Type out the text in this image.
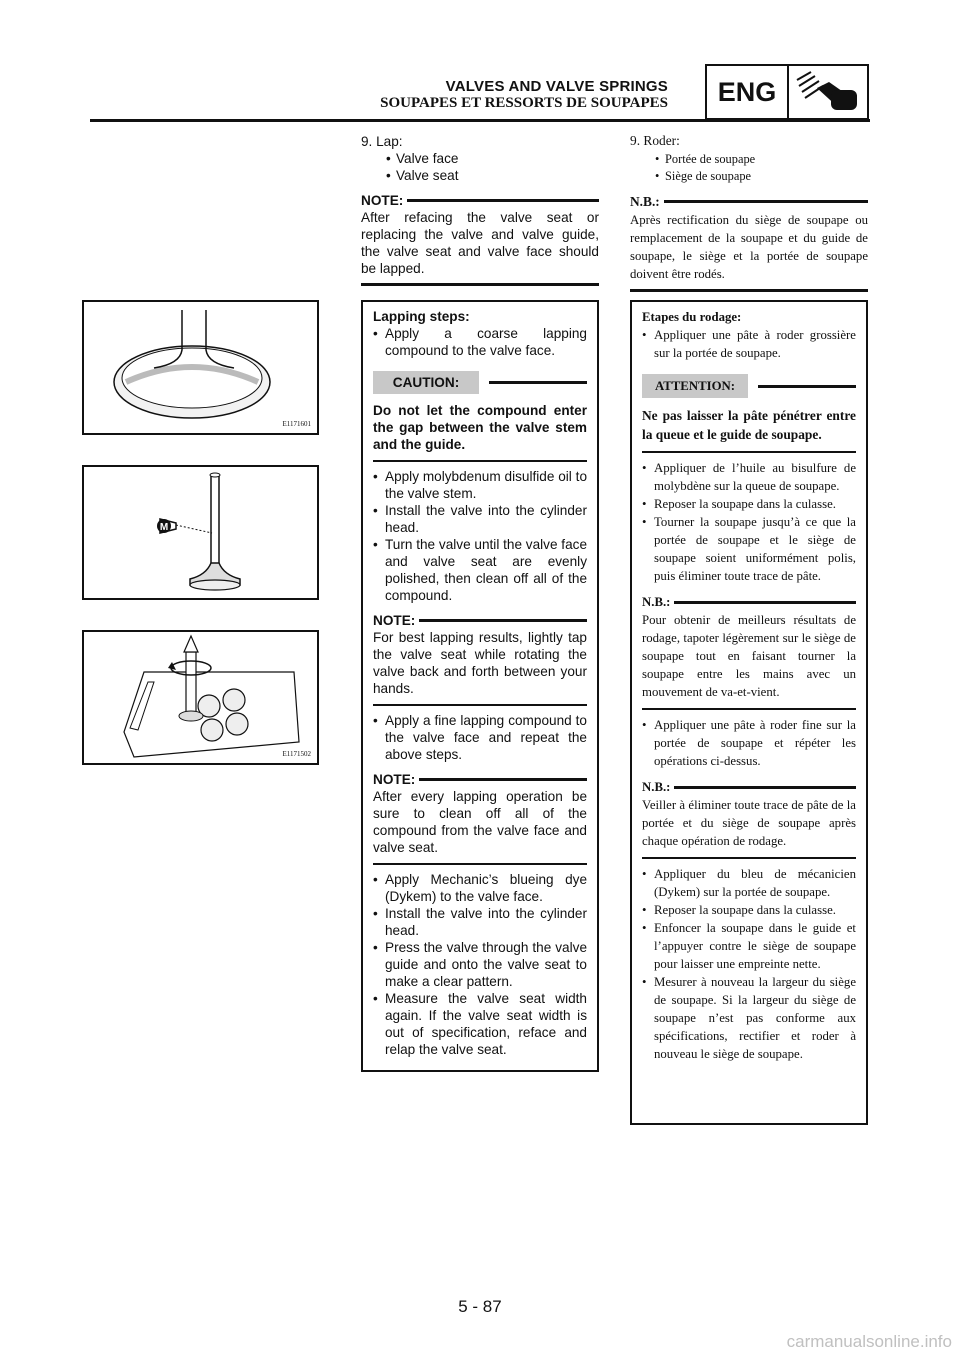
VALVES AND VALVE SPRINGS
SOUPAPES ET RESSORTS DE SOUPAPES	ENG
E1171601
M
E1171502

9. Lap:

• Valve face
• Valve seat
NOTE:
After refacing the valve seat or replacing the valve and valve guide, the valve seat and valve face should be lapped.
Lapping steps:
• Apply a coarse lapping compound to the valve face.
CAUTION:
Do not let the compound enter the gap between the valve stem and the guide.
• Apply molybdenum disulfide oil to the valve stem.
• Install the valve into the cylinder head.
• Turn the valve until the valve face and valve seat are evenly polished, then clean off all of the compound.
NOTE:
For best lapping results, lightly tap the valve seat while rotating the valve back and forth between your hands.
• Apply a fine lapping compound to the valve face and repeat the above steps.
NOTE:
After every lapping operation be sure to clean off all of the compound from the valve face and valve seat.
• Apply Mechanic’s blueing dye (Dykem) to the valve face.
• Install the valve into the cylinder head.
• Press the valve through the valve guide and onto the valve seat to make a clear pattern.
• Measure the valve seat width again. If the valve seat width is out of specification, reface and relap the valve seat.

9. Roder:

• Portée de soupape
• Siège de soupape
N.B.:
Après rectification du siège de soupape ou remplacement de la soupape et du guide de soupape, le siège et la portée de soupape doivent être rodés.
Etapes du rodage:
• Appliquer une pâte à roder grossière sur la portée de soupape.
ATTENTION:
Ne pas laisser la pâte pénétrer entre la queue et le guide de soupape.
• Appliquer de l’huile au bisulfure de molybdène sur la queue de soupape.
• Reposer la soupape dans la culasse.
• Tourner la soupape jusqu’à ce que la portée de soupape et le siège de soupape soient uniformément polis, puis éliminer toute trace de pâte.
N.B.:
Pour obtenir de meilleurs résultats de rodage, tapoter légèrement sur le siège de soupape tout en faisant tourner la soupape entre les mains avec un mouvement de va-et-vient.
• Appliquer une pâte à roder fine sur la portée de soupape et répéter les opérations ci-dessus.
N.B.:
Veiller à éliminer toute trace de pâte de la portée et du siège de soupape après chaque opération de rodage.
• Appliquer du bleu de mécanicien (Dykem) sur la portée de soupape.
• Reposer la soupape dans la culasse.
• Enfoncer la soupape dans le guide et l’appuyer contre le siège de soupape pour laisser une empreinte nette.
• Mesurer à nouveau la largeur du siège de soupape. Si la largeur du siège de soupape n’est pas conforme aux spécifications, rectifier et roder à nouveau le siège de soupape.
5 - 87
carmanualsonline.info
